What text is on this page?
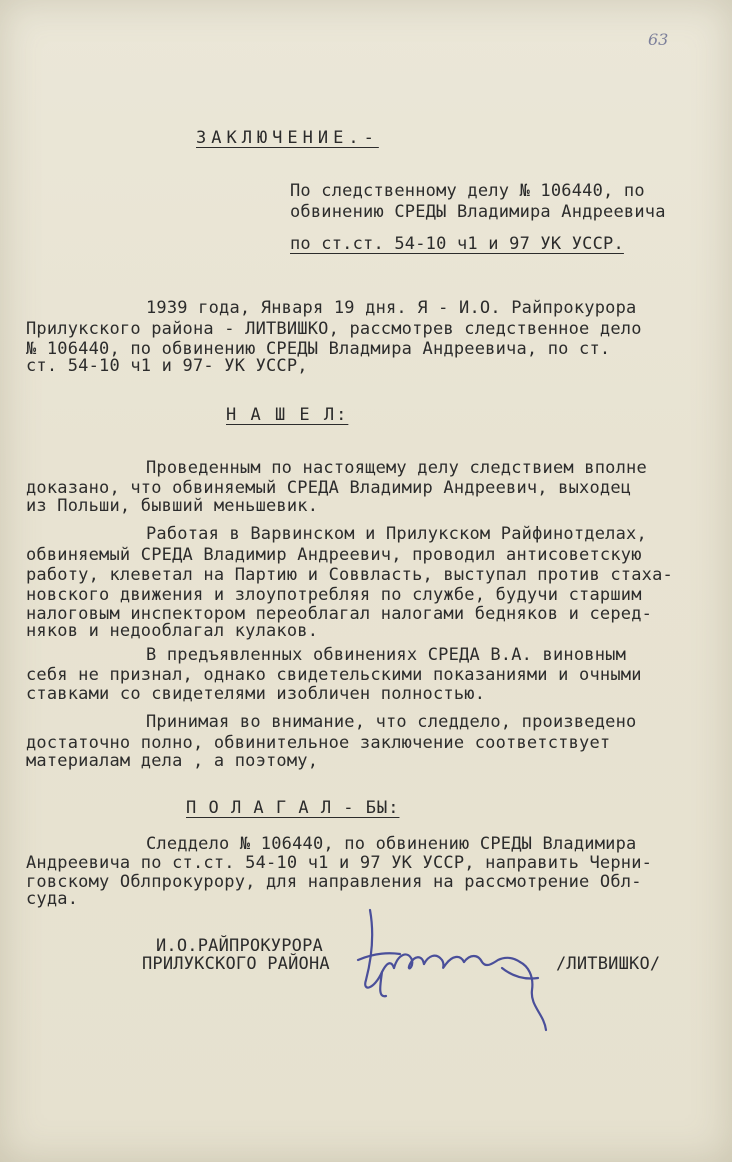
63
ЗАКЛЮЧЕНИЕ.-
По следственному делу № 106440, по
обвинению СРЕДЫ Владимира Андреевича
по ст.ст. 54-10 ч1 и 97 УК УССР.
1939 года, Января 19 дня. Я - И.О. Райпрокурора
Прилукского района - ЛИТВИШКО, рассмотрев следственное дело
№ 106440, по обвинению СРЕДЫ Владмира Андреевича, по ст.
ст. 54-10 ч1 и 97- УК УССР,
Н А Ш Е Л:
Проведенным по настоящему делу следствием вполне
доказано, что обвиняемый СРЕДА Владимир Андреевич, выходец
из Польши, бывший меньшевик.
Работая в Варвинском и Прилукском Райфинотделах,
обвиняемый СРЕДА Владимир Андреевич, проводил антисоветскую
работу, клеветал на Партию и Соввласть, выступал против стаха-
новского движения и злоупотребляя по службе, будучи старшим
налоговым инспектором переоблагал налогами бедняков и серед-
няков и недооблагал кулаков.
В предъявленных обвинениях СРЕДА В.А. виновным
себя не признал, однако свидетельскими показаниями и очными
ставками со свидетелями изобличен полностью.
Принимая во внимание, что следдело, произведено
достаточно полно, обвинительное заключение соответствует
материалам дела , а поэтому,
П О Л А Г А Л - БЫ:
Следдело № 106440, по обвинению СРЕДЫ Владимира
Андреевича по ст.ст. 54-10 ч1 и 97 УК УССР, направить Черни-
говскому Облпрокурору, для направления на рассмотрение Обл-
суда.
И.О.РАЙПРОКУРОРА
ПРИЛУКСКОГО РАЙОНА	/ЛИТВИШКО/
